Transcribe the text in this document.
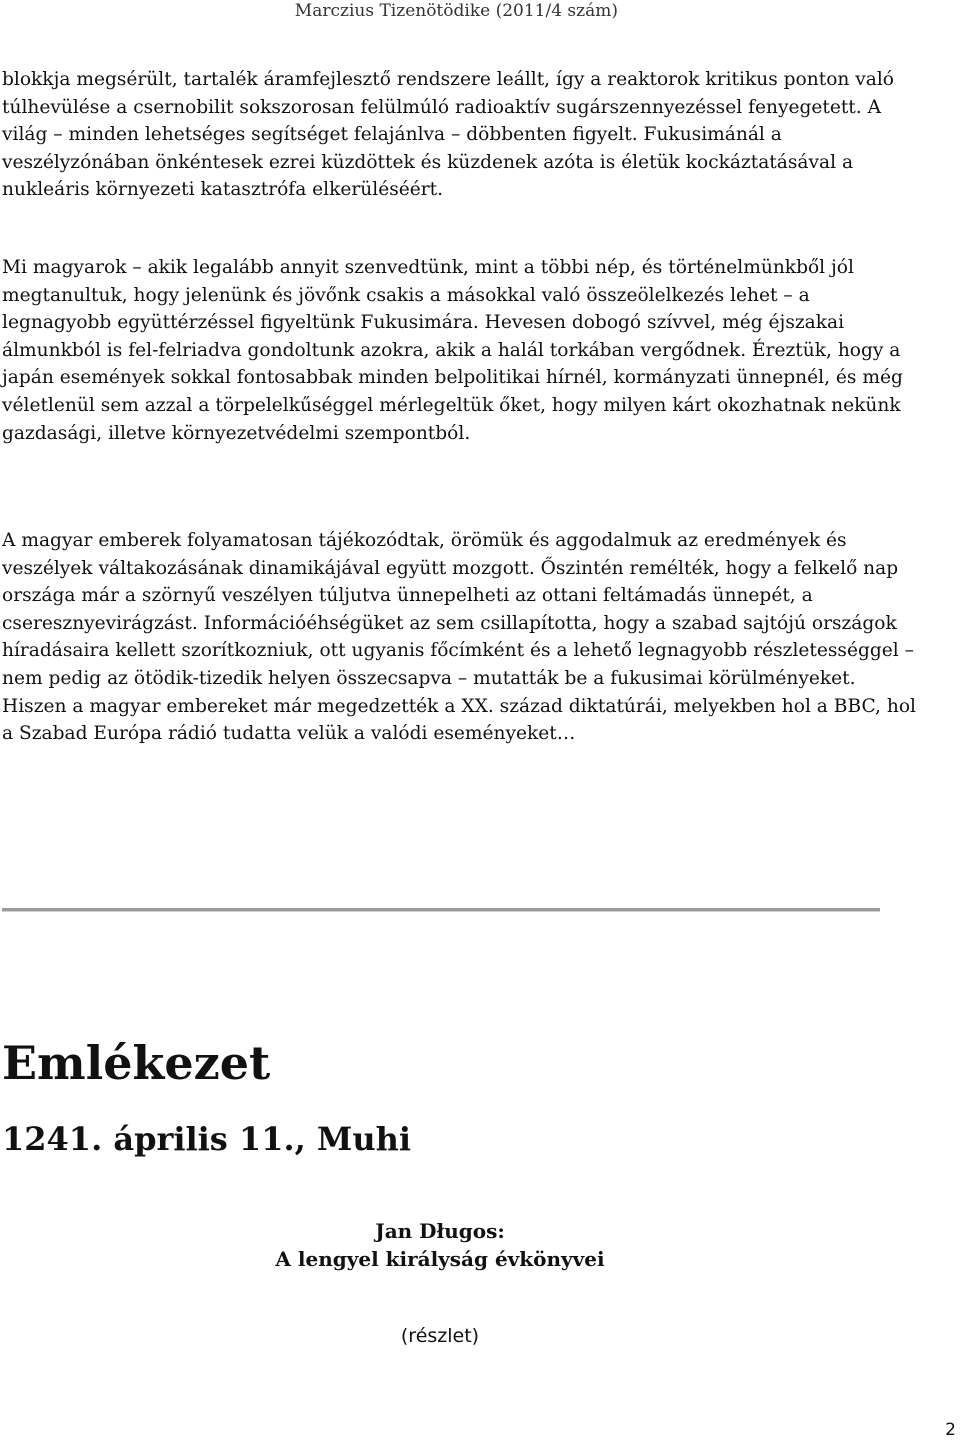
Marczius Tizenötödike (2011/4 szám)

blokkja megsérült, tartalék áramfejlesztő rendszere leállt, így a reaktorok kritikus ponton való túlhevülése a csernobilit sokszorosan felülmúló radioaktív sugárszennyezéssel fenyegetett. A világ – minden lehetséges segítséget felajánlva – döbbenten figyelt. Fukusimánál a veszélyzónában önkéntesek ezrei küzdöttek és küzdenek azóta is életük kockáztatásával a nukleáris környezeti katasztrófa elkerüléséért.

Mi magyarok – akik legalább annyit szenvedtünk, mint a többi nép, és történelmünkből jól megtanultuk, hogy jelenünk és jövőnk csakis a másokkal való összeölelkezés lehet – a legnagyobb együttérzéssel figyeltünk Fukusimára. Hevesen dobogó szívvel, még éjszakai álmunkból is fel-felriadva gondoltunk azokra, akik a halál torkában vergődnek. Éreztük, hogy a japán események sokkal fontosabbak minden belpolitikai hírnél, kormányzati ünnepnél, és még véletlenül sem azzal a törpelelkűséggel mérlegeltük őket, hogy milyen kárt okozhatnak nekünk gazdasági, illetve környezetvédelmi szempontból.

A magyar emberek folyamatosan tájékozódtak, örömük és aggodalmuk az eredmények és veszélyek váltakozásának dinamikájával együtt mozgott. Őszintén remélték, hogy a felkelő nap országa már a szörnyű veszélyen túljutva ünnepelheti az ottani feltámadás ünnepét, a cseresznyevirágzást. Információéhségüket az sem csillapította, hogy a szabad sajtójú országok híradásaira kellett szorítkozniuk, ott ugyanis főcímként és a lehető legnagyobb részletességgel – nem pedig az ötödik-tizedik helyen összecsapva – mutatták be a fukusimai körülményeket. Hiszen a magyar embereket már megedzették a XX. század diktatúrái, melyekben hol a BBC, hol a Szabad Európa rádió tudatta velük a valódi eseményeket…

Emlékezet
1241. április 11., Muhi
Jan Długos:
A lengyel királyság évkönyvei
(részlet)
2
